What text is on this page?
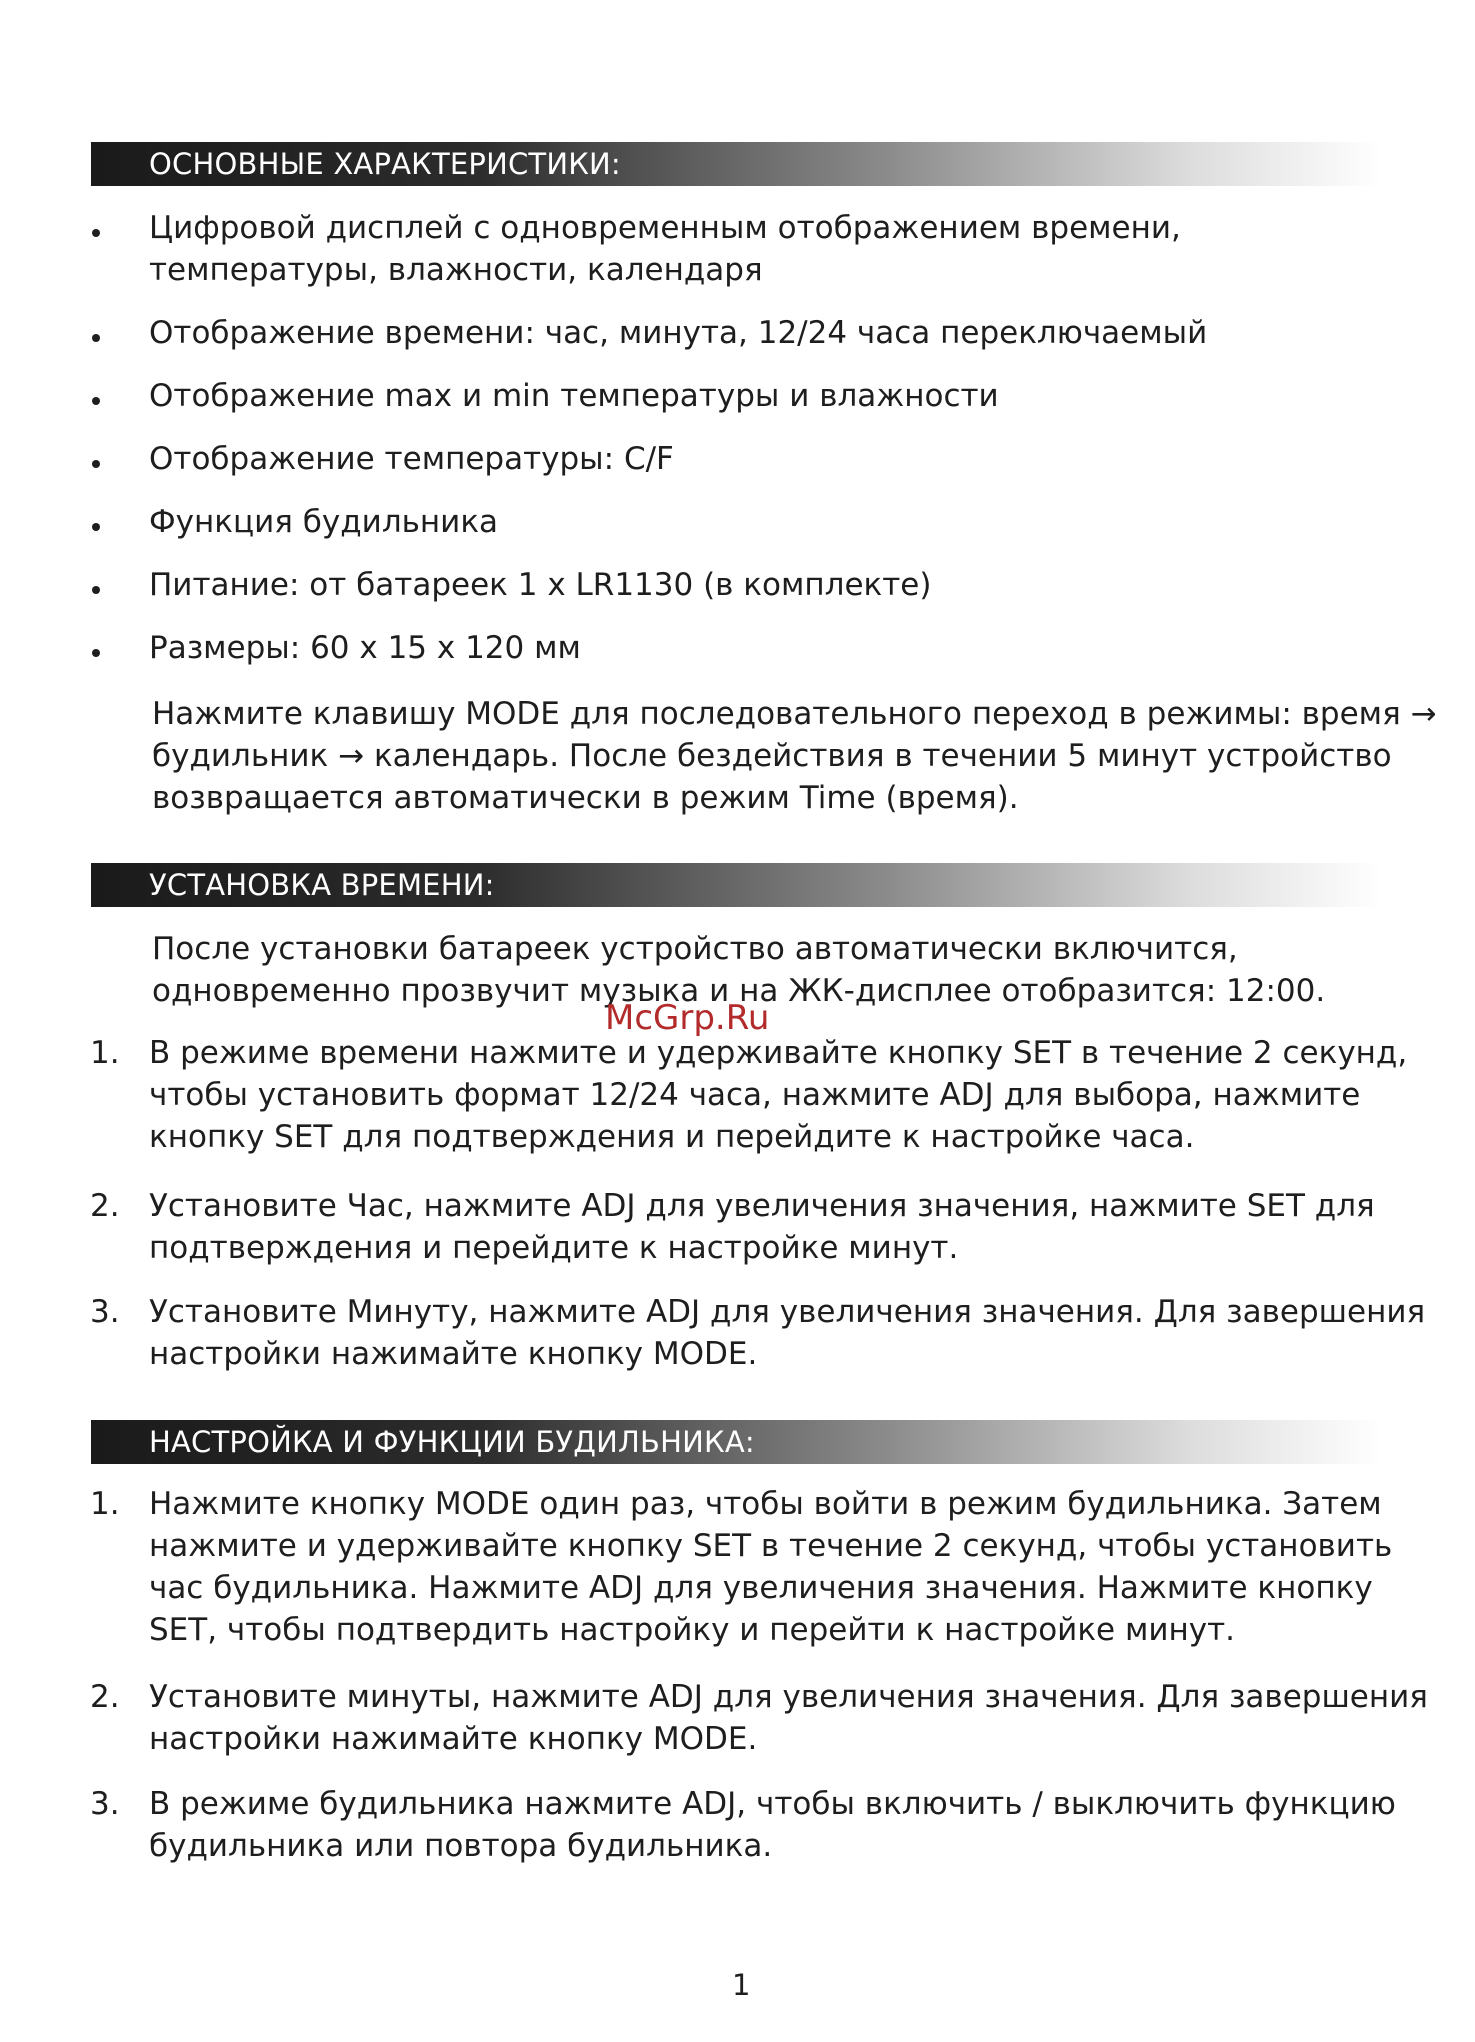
ОСНОВНЫЕ ХАРАКТЕРИСТИКИ:

Цифровой дисплей с одновременным отображением времени,
температуры, влажности, календаря

Отображение времени: час, минута, 12/24 часа переключаемый

Отображение max и min температуры и влажности

Отображение температуры: C/F

Функция будильника

Питание: от батареек 1 x LR1130 (в комплекте)

Размеры: 60 x 15 x 120 мм

Нажмите клавишу MODE для последовательного переход в режимы: время →
будильник → календарь. После бездействия в течении 5 минут устройство
возвращается автоматически в режим Time (время).

УСТАНОВКА ВРЕМЕНИ:

После установки батареек устройство автоматически включится,
одновременно прозвучит музыка и на ЖК-дисплее отобразится: 12:00.

McGrp.Ru
1. В режиме времени нажмите и удерживайте кнопку SET в течение 2 секунд,
чтобы установить формат 12/24 часа, нажмите ADJ для выбора, нажмите
кнопку SET для подтверждения и перейдите к настройке часа.

2. Установите Час, нажмите ADJ для увеличения значения, нажмите SET для
подтверждения и перейдите к настройке минут.

3. Установите Минуту, нажмите ADJ для увеличения значения. Для завершения
настройки нажимайте кнопку MODE.

НАСТРОЙКА И ФУНКЦИИ БУДИЛЬНИКА:
1. Нажмите кнопку MODE один раз, чтобы войти в режим будильника. Затем
нажмите и удерживайте кнопку SET в течение 2 секунд, чтобы установить
час будильника. Нажмите ADJ для увеличения значения. Нажмите кнопку
SET, чтобы подтвердить настройку и перейти к настройке минут.

2. Установите минуты, нажмите ADJ для увеличения значения. Для завершения
настройки нажимайте кнопку MODE.

3. В режиме будильника нажмите ADJ, чтобы включить / выключить функцию
будильника или повтора будильника.

1
